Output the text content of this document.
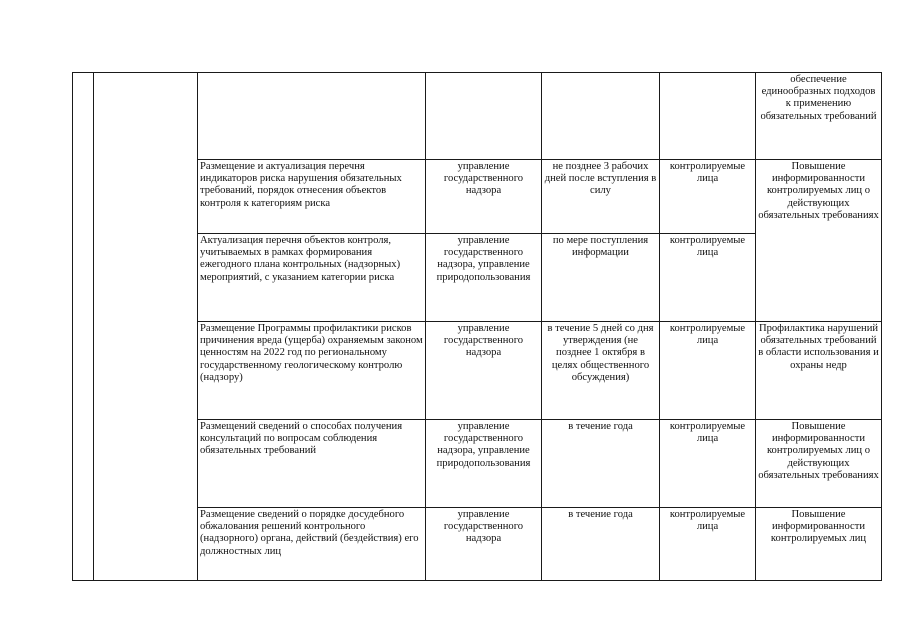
						обеспечение единообразных подходов к применению обязательных требований
		Размещение и актуализация перечня индикаторов риска нарушения обязательных требований, порядок отнесения объектов контроля к категориям риска	управление государственного надзора	не позднее 3 рабочих дней после вступления в силу	контролируемые лица	Повышение информированности контролируемых лиц о действующих обязательных требованиях
		Актуализация перечня объектов контроля, учитываемых в рамках формирования ежегодного плана контрольных (надзорных) мероприятий, с указанием категории риска	управление государственного надзора, управление природопользования	по мере поступления информации	контролируемые лица	
		Размещение Программы профилактики рисков причинения вреда (ущерба) охраняемым законом ценностям на 2022 год по региональному государственному геологическому контролю (надзору)	управление государственного надзора	в течение 5 дней со дня утверждения (не позднее 1 октября в целях общественного обсуждения)	контролируемые лица	Профилактика нарушений обязательных требований в области использования и охраны недр
		Размещений сведений о способах получения консультаций по вопросам соблюдения обязательных требований	управление государственного надзора, управление природопользования	в течение года	контролируемые лица	Повышение информированности контролируемых лиц о действующих обязательных требованиях
		Размещение сведений о порядке досудебного обжалования решений контрольного (надзорного) органа, действий (бездействия) его должностных лиц	управление государственного надзора	в течение года	контролируемые лица	Повышение информированности контролируемых лиц
